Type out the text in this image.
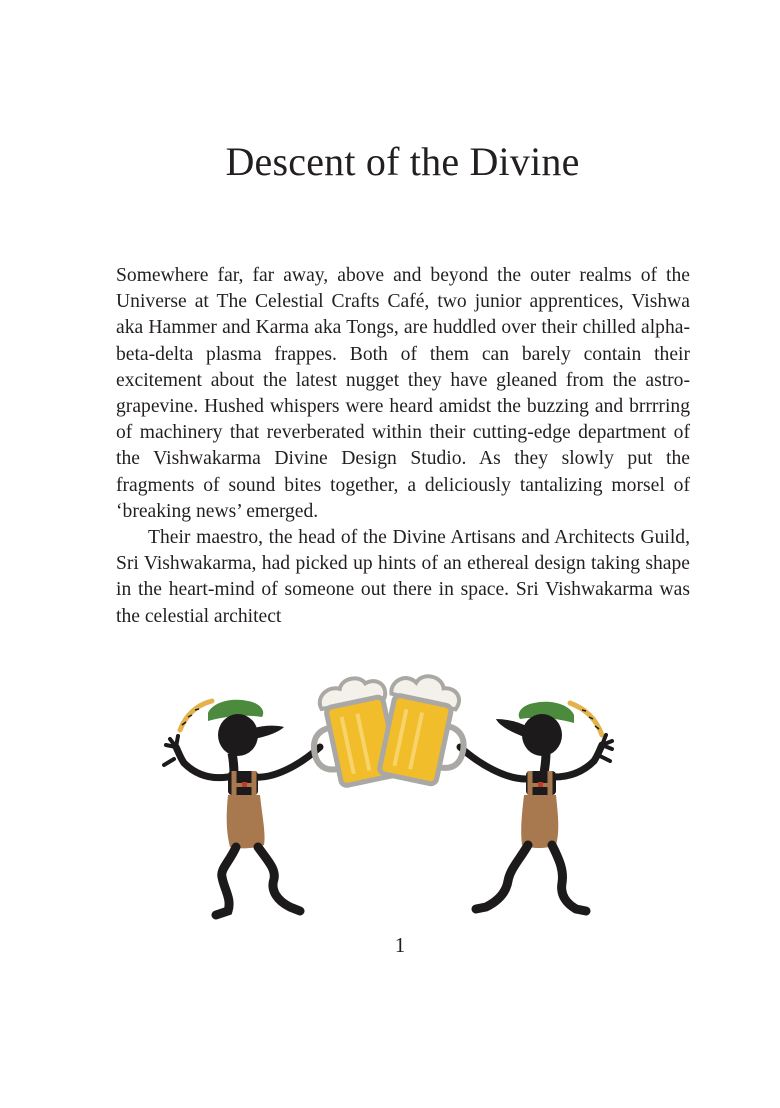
Descent of the Divine

Somewhere far, far away, above and beyond the outer realms of the Universe at The Celestial Crafts Café, two junior apprentices, Vishwa aka Hammer and Karma aka Tongs, are huddled over their chilled alpha-beta-delta plasma frappes. Both of them can barely contain their excitement about the latest nugget they have gleaned from the astro-grapevine. Hushed whispers were heard amidst the buzzing and brrrring of machinery that reverberated within their cutting-edge department of the Vishwakarma Divine Design Studio. As they slowly put the fragments of sound bites together, a deliciously tantalizing morsel of ‘breaking news’ emerged.

Their maestro, the head of the Divine Artisans and Architects Guild, Sri Vishwakarma, had picked up hints of an ethereal design taking shape in the heart-mind of someone out there in space. Sri Vishwakarma was the celestial architect

1
